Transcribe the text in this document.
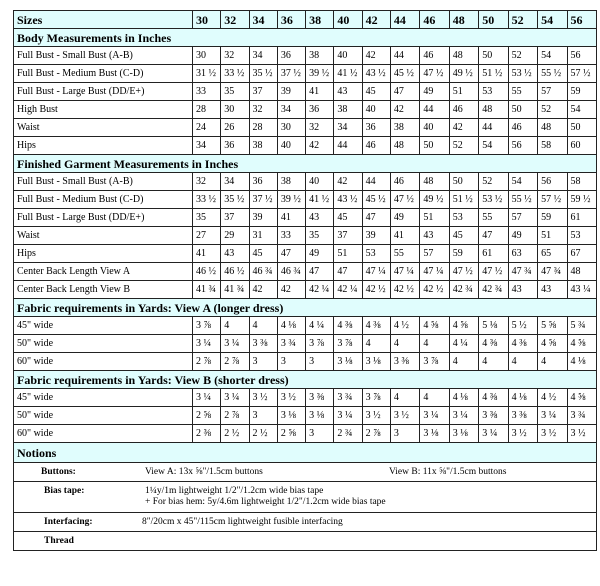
Sizes	30	32	34	36	38	40	42	44	46	48	50	52	54	56
Body Measurements in Inches														
Full Bust - Small Bust (A-B)	30	32	34	36	38	40	42	44	46	48	50	52	54	56
Full Bust - Medium Bust (C-D)	31 ½	33 ½	35 ½	37 ½	39 ½	41 ½	43 ½	45 ½	47 ½	49 ½	51 ½	53 ½	55 ½	57 ½
Full Bust - Large Bust (DD/E+)	33	35	37	39	41	43	45	47	49	51	53	55	57	59
High Bust	28	30	32	34	36	38	40	42	44	46	48	50	52	54
Waist	24	26	28	30	32	34	36	38	40	42	44	46	48	50
Hips	34	36	38	40	42	44	46	48	50	52	54	56	58	60
Finished Garment Measurements in Inches														
Full Bust - Small Bust (A-B)	32	34	36	38	40	42	44	46	48	50	52	54	56	58
Full Bust - Medium Bust (C-D)	33 ½	35 ½	37 ½	39 ½	41 ½	43 ½	45 ½	47 ½	49 ½	51 ½	53 ½	55 ½	57 ½	59 ½
Full Bust - Large Bust (DD/E+)	35	37	39	41	43	45	47	49	51	53	55	57	59	61
Waist	27	29	31	33	35	37	39	41	43	45	47	49	51	53
Hips	41	43	45	47	49	51	53	55	57	59	61	63	65	67
Center Back Length View A	46 ½	46 ½	46 ¾	46 ¾	47	47	47 ¼	47 ¼	47 ¼	47 ½	47 ½	47 ¾	47 ¾	48
Center Back Length View B	41 ¾	41 ¾	42	42	42 ¼	42 ¼	42 ½	42 ½	42 ½	42 ¾	42 ¾	43	43	43 ¼
Fabric requirements in Yards: View A (longer dress)														
45" wide	3 ⅞	4	4	4 ⅛	4 ¼	4 ⅜	4 ⅜	4 ½	4 ⅝	4 ⅝	5 ⅛	5 ½	5 ⅝	5 ¾
50" wide	3 ¼	3 ¼	3 ⅜	3 ¾	3 ⅞	3 ⅞	4	4	4	4 ¼	4 ⅜	4 ⅜	4 ⅝	4 ⅝
60" wide	2 ⅞	2 ⅞	3	3	3	3 ⅛	3 ⅛	3 ⅜	3 ⅞	4	4	4	4	4 ⅛
Fabric requirements in Yards: View B (shorter dress)														
45" wide	3 ¼	3 ¼	3 ½	3 ½	3 ⅜	3 ¾	3 ⅞	4	4	4 ⅛	4 ⅜	4 ⅛	4 ½	4 ⅝
50" wide	2 ⅝	2 ⅞	3	3 ⅛	3 ⅛	3 ¼	3 ½	3 ½	3 ¼	3 ¼	3 ⅜	3 ⅜	3 ¼	3 ¾
60" wide	2 ⅜	2 ½	2 ½	2 ⅝	3	2 ¾	2 ⅞	3	3 ⅛	3 ⅛	3 ¼	3 ½	3 ½	3 ½
Notions														

Buttons: View A: 13x ⅝"/1.5cm buttons View B: 11x ⅝"/1.5cm buttons														

Bias tape: 1¼y/1m lightweight 1/2"/1.2cm wide bias tape
+ For bias hem: 5y/4.6m lightweight 1/2"/1.2cm wide bias tape														

Interfacing: 8"/20cm x 45"/115cm lightweight fusible interfacing														

Thread														
